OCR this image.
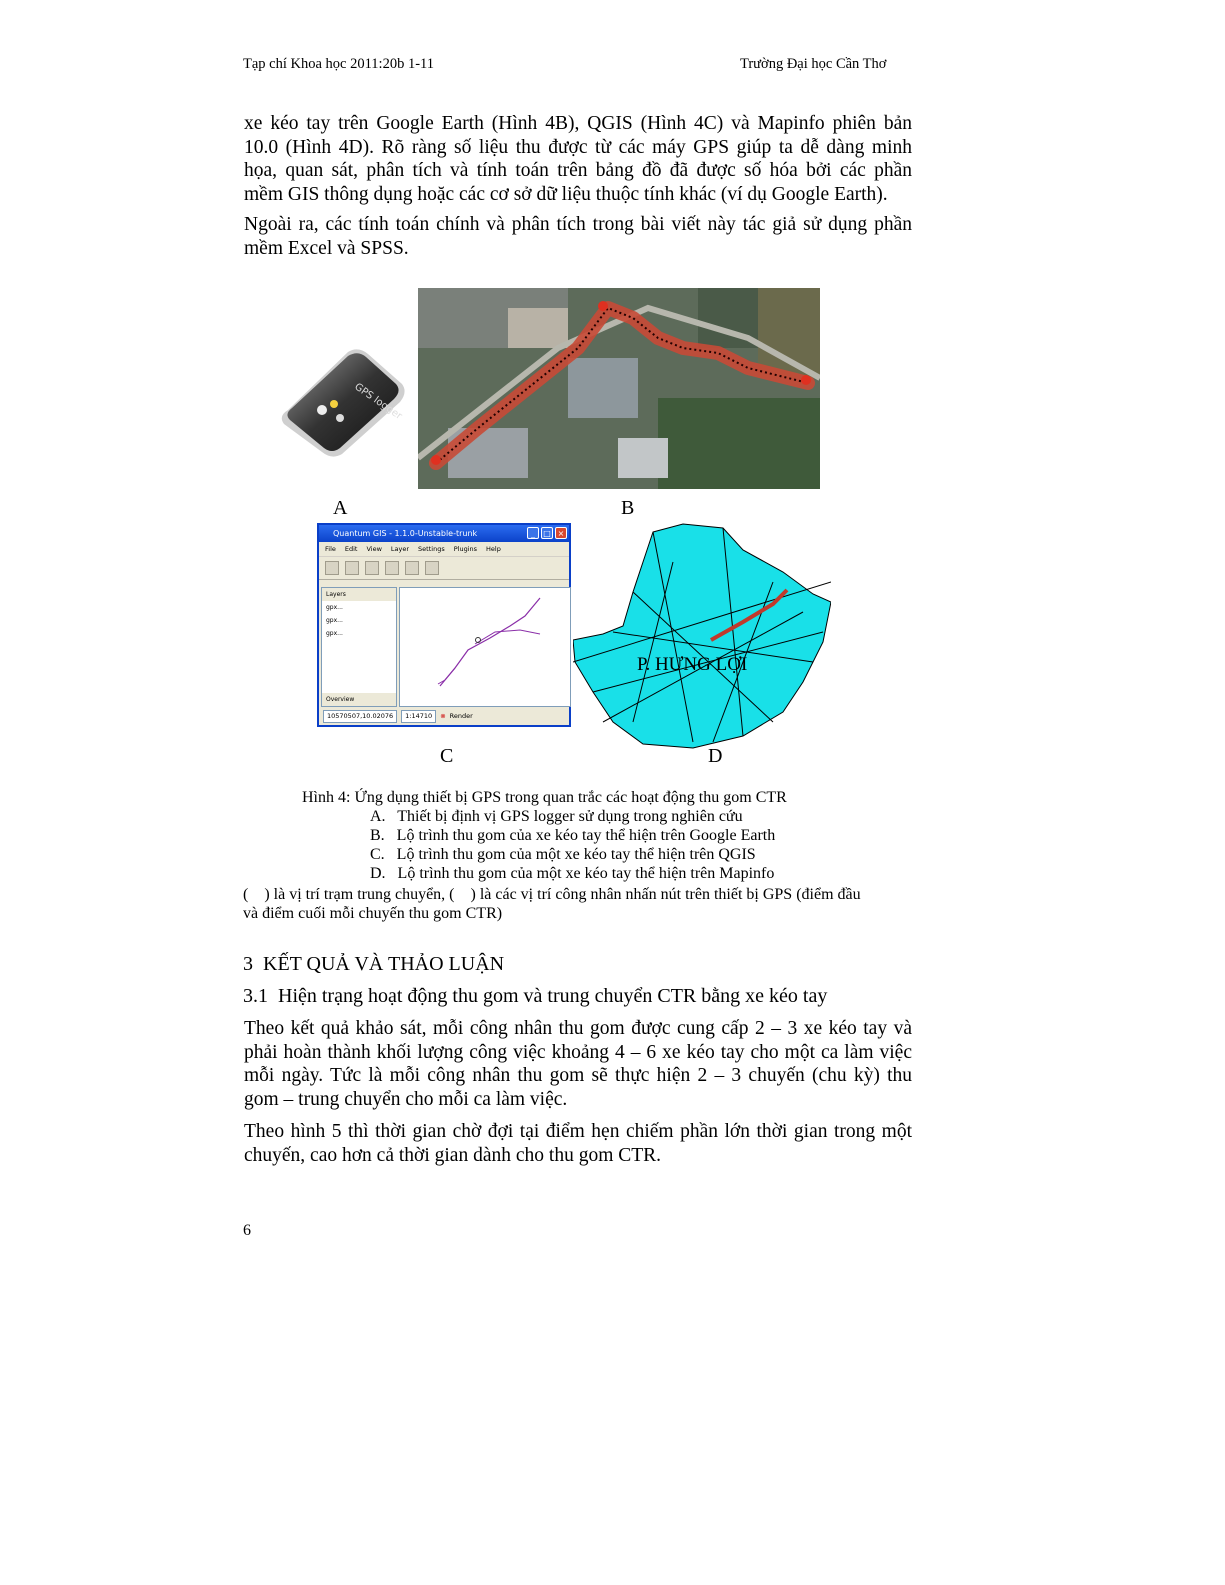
Tạp chí Khoa học 2011:20b 1-11	Trường Đại học Cần Thơ
xe kéo tay trên Google Earth (Hình 4B), QGIS (Hình 4C) và Mapinfo phiên bản
10.0 (Hình 4D). Rõ ràng số liệu thu được từ các máy GPS giúp ta dễ dàng minh
họa, quan sát, phân tích và tính toán trên bảng đồ đã được số hóa bởi các phần
mềm GIS thông dụng hoặc các cơ sở dữ liệu thuộc tính khác (ví dụ Google Earth).
Ngoài ra, các tính toán chính và phân tích trong bài viết này tác giả sử dụng phần
mềm Excel và SPSS.
GPS logger
A	B
Quantum GIS - 1.1.0-Unstable-trunk	_	□ ×
File Edit View Layer Settings Plugins Help
Layers
gpx...
gpx...
gpx...
Overview
10570507,10.02076	1:14710	⊗ Render
P. HƯNG LỢI
C	D
Hình 4: Ứng dụng thiết bị GPS trong quan trắc các hoạt động thu gom CTR
A.   Thiết bị định vị GPS logger sử dụng trong nghiên cứu
B.   Lộ trình thu gom của xe kéo tay thể hiện trên Google Earth
C.   Lộ trình thu gom của một xe kéo tay thể hiện trên QGIS
D.   Lộ trình thu gom của một xe kéo tay thể hiện trên Mapinfo
(    ) là vị trí trạm trung chuyển, (    ) là các vị trí công nhân nhấn nút trên thiết bị GPS (điểm đầu
và điểm cuối mỗi chuyến thu gom CTR)
3  KẾT QUẢ VÀ THẢO LUẬN
3.1  Hiện trạng hoạt động thu gom và trung chuyển CTR bằng xe kéo tay
Theo kết quả khảo sát, mỗi công nhân thu gom được cung cấp 2 – 3 xe kéo tay và
phải hoàn thành khối lượng công việc khoảng 4 – 6 xe kéo tay cho một ca làm việc
mỗi ngày. Tức là mỗi công nhân thu gom sẽ thực hiện 2 – 3 chuyến (chu kỳ) thu
gom – trung chuyển cho mỗi ca làm việc.
Theo hình 5 thì thời gian chờ đợi tại điểm hẹn chiếm phần lớn thời gian trong một
chuyến, cao hơn cả thời gian dành cho thu gom CTR.
6
